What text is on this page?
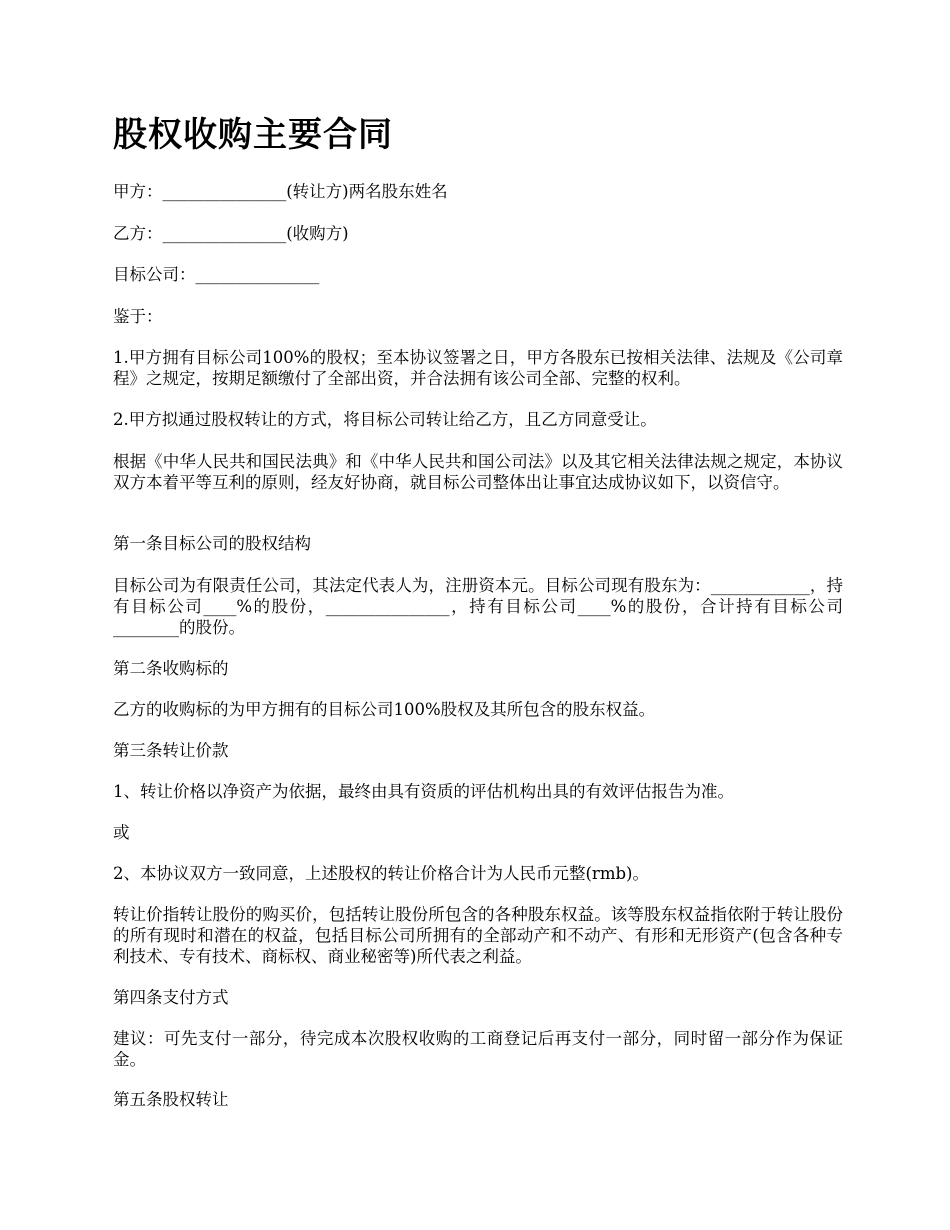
股权收购主要合同

甲方：_______________(转让方)两名股东姓名

乙方：_______________(收购方)

目标公司：_______________

鉴于：

1.甲方拥有目标公司100%的股权；至本协议签署之日，甲方各股东已按相关法律、法规及《公司章程》之规定，按期足额缴付了全部出资，并合法拥有该公司全部、完整的权利。

2.甲方拟通过股权转让的方式，将目标公司转让给乙方，且乙方同意受让。

根据《中华人民共和国民法典》和《中华人民共和国公司法》以及其它相关法律法规之规定，本协议双方本着平等互利的原则，经友好协商，就目标公司整体出让事宜达成协议如下，以资信守。

第一条目标公司的股权结构

目标公司为有限责任公司，其法定代表人为，注册资本元。目标公司现有股东为：____________，持有目标公司____%的股份，_______________，持有目标公司____%的股份，合计持有目标公司________的股份。

第二条收购标的

乙方的收购标的为甲方拥有的目标公司100%股权及其所包含的股东权益。

第三条转让价款

1、转让价格以净资产为依据，最终由具有资质的评估机构出具的有效评估报告为准。

或

2、本协议双方一致同意，上述股权的转让价格合计为人民币元整(rmb)。

转让价指转让股份的购买价，包括转让股份所包含的各种股东权益。该等股东权益指依附于转让股份的所有现时和潜在的权益，包括目标公司所拥有的全部动产和不动产、有形和无形资产(包含各种专利技术、专有技术、商标权、商业秘密等)所代表之利益。

第四条支付方式

建议：可先支付一部分，待完成本次股权收购的工商登记后再支付一部分，同时留一部分作为保证金。

第五条股权转让
